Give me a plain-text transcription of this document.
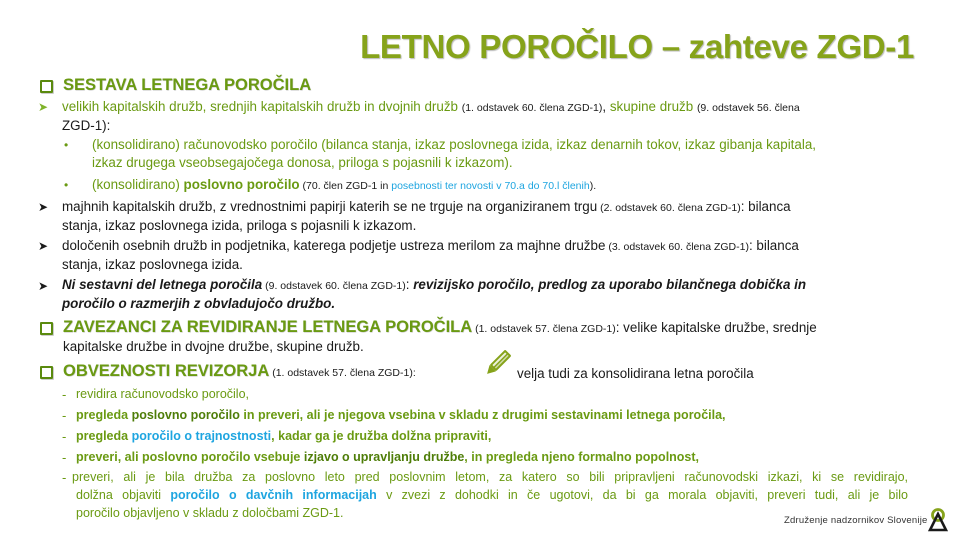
LETNO POROČILO – zahteve ZGD-1
SESTAVA LETNEGA POROČILA
➤ velikih kapitalskih družb, srednjih kapitalskih družb in dvojnih družb (1. odstavek 60. člena ZGD-1), skupine družb (9. odstavek 56. člena
ZGD-1):
• (konsolidirano) računovodsko poročilo (bilanca stanja, izkaz poslovnega izida, izkaz denarnih tokov, izkaz gibanja kapitala,
izkaz drugega vseobsegajočega donosa, priloga s pojasnili k izkazom).
• (konsolidirano) poslovno poročilo (70. člen ZGD-1 in posebnosti ter novosti v 70.a do 70.l členih).
➤ majhnih kapitalskih družb, z vrednostnimi papirji katerih se ne trguje na organiziranem trgu (2. odstavek 60. člena ZGD-1): bilanca
stanja, izkaz poslovnega izida, priloga s pojasnili k izkazom.
➤ določenih osebnih družb in podjetnika, katerega podjetje ustreza merilom za majhne družbe (3. odstavek 60. člena ZGD-1): bilanca
stanja, izkaz poslovnega izida.
➤ Ni sestavni del letnega poročila (9. odstavek 60. člena ZGD-1): revizijsko poročilo, predlog za uporabo bilančnega dobička in
poročilo o razmerjih z obvladujočo družbo.
ZAVEZANCI ZA REVIDIRANJE LETNEGA POROČILA (1. odstavek 57. člena ZGD-1): velike kapitalske družbe, srednje
kapitalske družbe in dvojne družbe, skupine družb.
OBVEZNOSTI REVIZORJA (1. odstavek 57. člena ZGD-1):	velja tudi za konsolidirana letna poročila
- revidira računovodsko poročilo,
- pregleda poslovno poročilo in preveri, ali je njegova vsebina v skladu z drugimi sestavinami letnega poročila,
- pregleda poročilo o trajnostnosti, kadar ga je družba dolžna pripraviti,
- preveri, ali poslovno poročilo vsebuje izjavo o upravljanju družbe, in pregleda njeno formalno popolnost,
- preveri, ali je bila družba za poslovno leto pred poslovnim letom, za katero so bili pripravljeni računovodski izkazi, ki se revidirajo,
dolžna objaviti poročilo o davčnih informacijah v zvezi z dohodki in če ugotovi, da bi ga morala objaviti, preveri tudi, ali je bilo
poročilo objavljeno v skladu z določbami ZGD-1.
Združenje nadzornikov Slovenije
